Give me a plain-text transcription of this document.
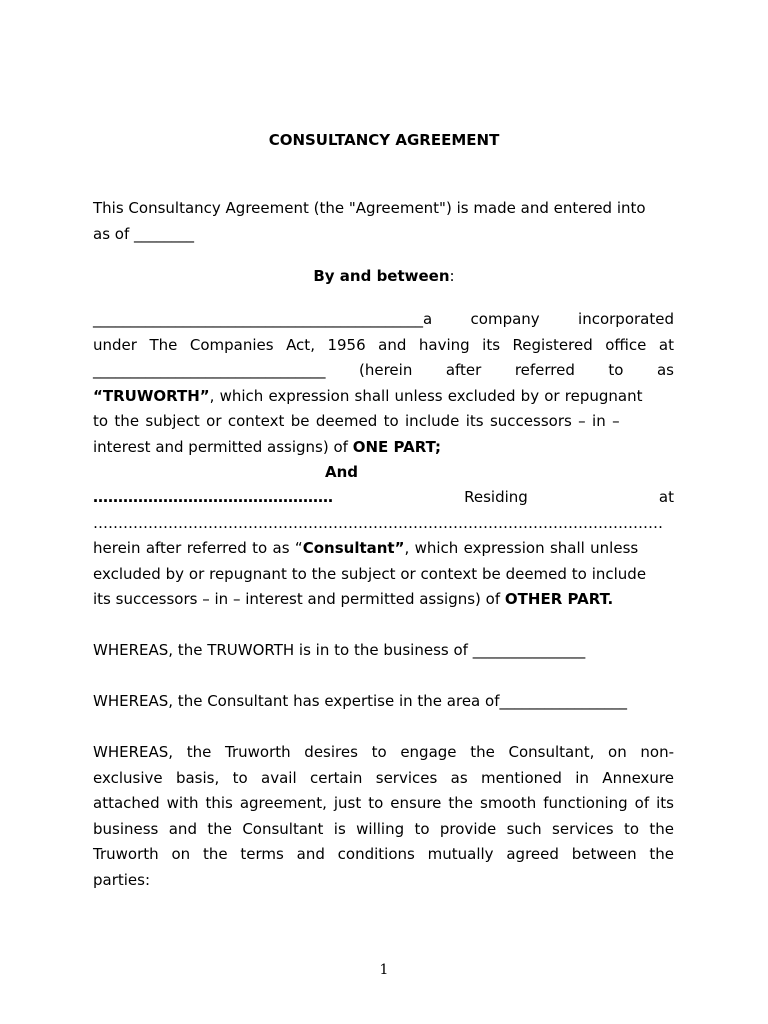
CONSULTANCY AGREEMENT
This Consultancy Agreement (the "Agreement") is made and entered into
as of ________
By and between:
____________________________________________a	company	incorporated
under The Companies Act, 1956 and having its Registered office at
_______________________________ (herein after referred to as
“TRUWORTH”, which expression shall unless excluded by or repugnant
to the subject or context be deemed to include its successors – in –
interest and permitted assigns) of ONE PART;
And
…………………………………………	Residing	at
……………………………………………………………………………………………………
herein after referred to as “Consultant”, which expression shall unless
excluded by or repugnant to the subject or context be deemed to include
its successors – in – interest and permitted assigns) of OTHER PART.
WHEREAS, the TRUWORTH is in to the business of _______________
WHEREAS, the Consultant has expertise in the area of_________________
WHEREAS, the Truworth desires to engage the Consultant, on non-
exclusive basis, to avail certain services as mentioned in Annexure
attached with this agreement, just to ensure the smooth functioning of its
business and the Consultant is willing to provide such services to the
Truworth on the terms and conditions mutually agreed between the
parties:
1
